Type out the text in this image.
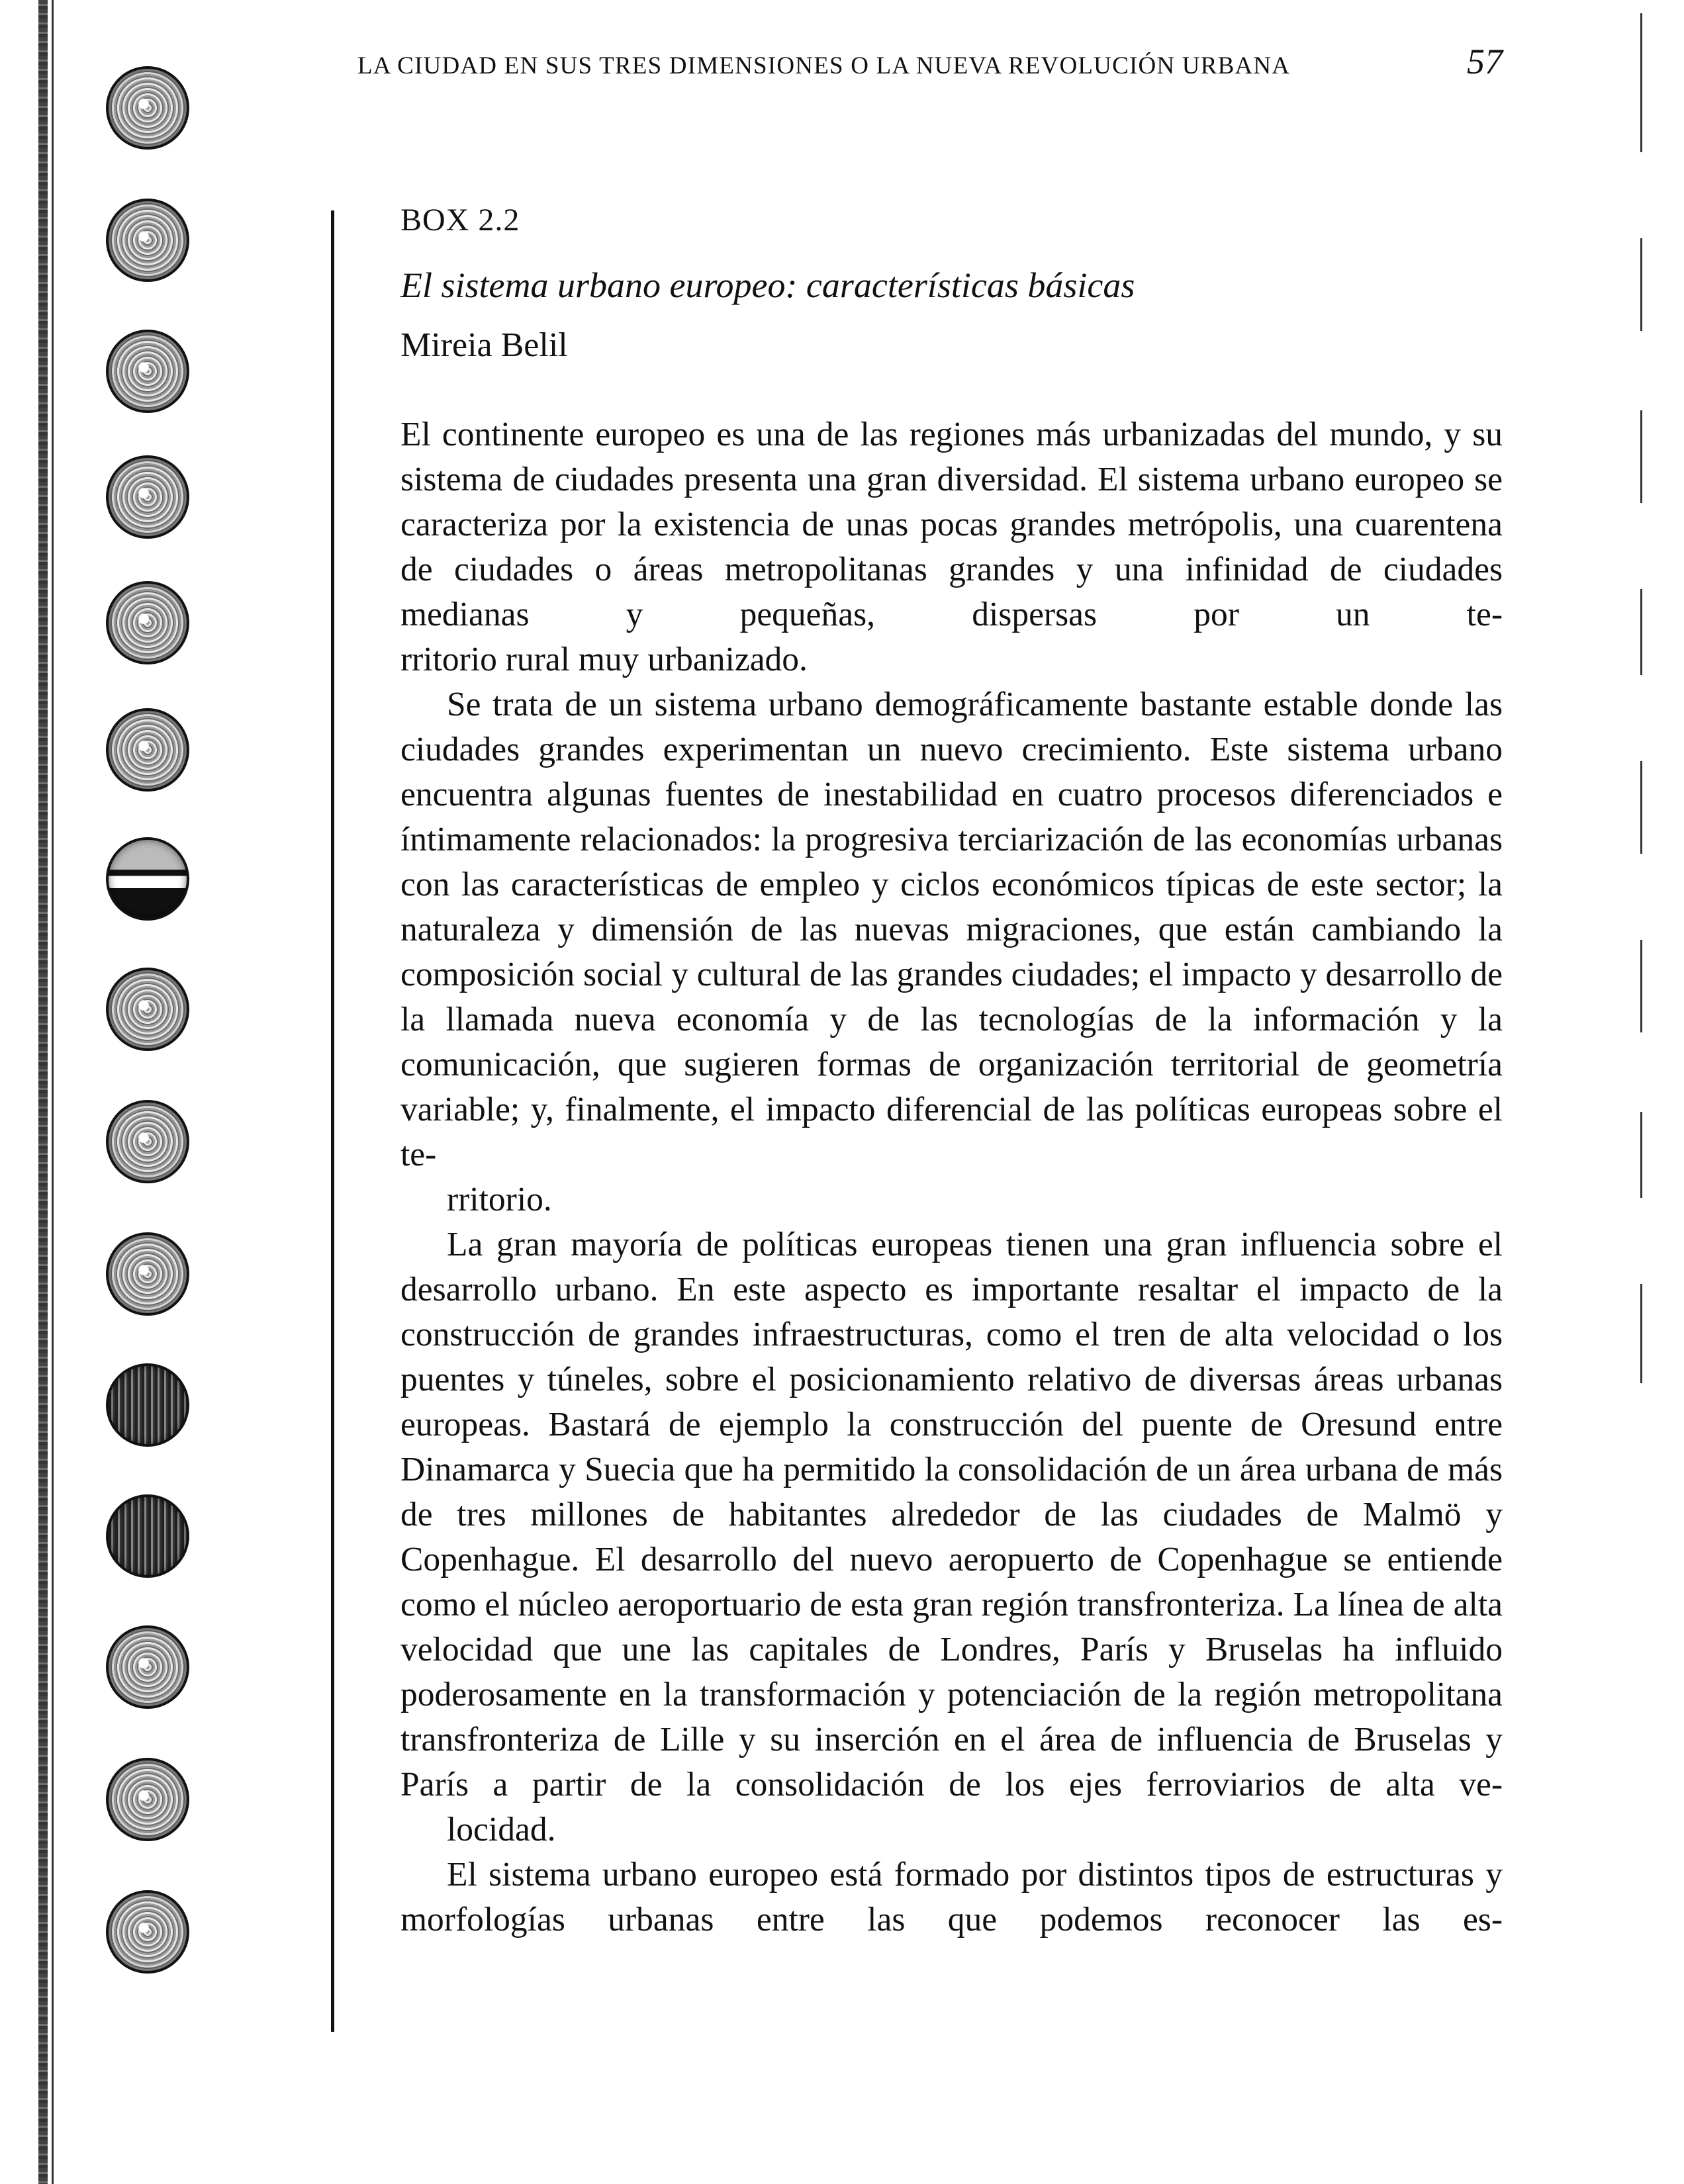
LA CIUDAD EN SUS TRES DIMENSIONES O LA NUEVA REVOLUCIÓN URBANA	57

BOX 2.2

El sistema urbano europeo: características básicas

Mireia Belil

El continente europeo es una de las regiones más urbanizadas del mundo, y su sistema de ciudades presenta una gran diversidad. El sistema urbano europeo se caracteriza por la existencia de unas pocas grandes metrópolis, una cuarentena de ciudades o áreas metropolitanas grandes y una infinidad de ciudades medianas y pequeñas, dispersas por un te-
rritorio rural muy urbanizado.

Se trata de un sistema urbano demográficamente bastante estable donde las ciudades grandes experimentan un nuevo crecimiento. Este sistema urbano encuentra algunas fuentes de inestabilidad en cuatro procesos diferenciados e íntimamente relacionados: la progresiva terciarización de las economías urbanas con las características de empleo y ciclos económicos típicas de este sector; la naturaleza y dimensión de las nuevas migraciones, que están cambiando la composición social y cultural de las grandes ciudades; el impacto y desarrollo de la llamada nueva economía y de las tecnologías de la información y la comunicación, que sugieren formas de organización territorial de geometría variable; y, finalmente, el impacto diferencial de las políticas europeas sobre el te-
rritorio.

La gran mayoría de políticas europeas tienen una gran influencia sobre el desarrollo urbano. En este aspecto es importante resaltar el impacto de la construcción de grandes infraestructuras, como el tren de alta velocidad o los puentes y túneles, sobre el posicionamiento relativo de diversas áreas urbanas europeas. Bastará de ejemplo la construcción del puente de Oresund entre Dinamarca y Suecia que ha permitido la consolidación de un área urbana de más de tres millones de habitantes alrededor de las ciudades de Malmö y Copenhague. El desarrollo del nuevo aeropuerto de Copenhague se entiende como el núcleo aeroportuario de esta gran región transfronteriza. La línea de alta velocidad que une las capitales de Londres, París y Bruselas ha influido poderosamente en la transformación y potenciación de la región metropolitana transfronteriza de Lille y su inserción en el área de influencia de Bruselas y París a partir de la consolidación de los ejes ferroviarios de alta ve-
locidad.

El sistema urbano europeo está formado por distintos tipos de estructuras y morfologías urbanas entre las que podemos reconocer las es-
